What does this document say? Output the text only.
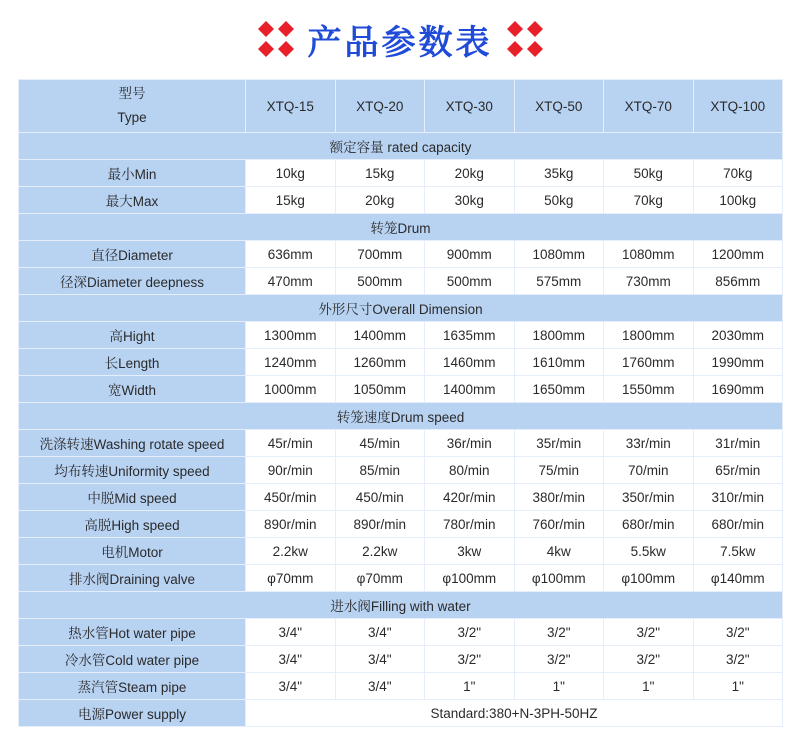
产品参数表
型号
Type	XTQ-15	XTQ-20	XTQ-30	XTQ-50	XTQ-70	XTQ-100
额定容量 rated capacity						
最小Min	10kg	15kg	20kg	35kg	50kg	70kg
最大Max	15kg	20kg	30kg	50kg	70kg	100kg
转笼Drum						
直径Diameter	636mm	700mm	900mm	1080mm	1080mm	1200mm
径深Diameter deepness	470mm	500mm	500mm	575mm	730mm	856mm
外形尺寸Overall Dimension						
高Hight	1300mm	1400mm	1635mm	1800mm	1800mm	2030mm
长Length	1240mm	1260mm	1460mm	1610mm	1760mm	1990mm
宽Width	1000mm	1050mm	1400mm	1650mm	1550mm	1690mm
转笼速度Drum speed						
洗涤转速Washing rotate speed	45r/min	45/min	36r/min	35r/min	33r/min	31r/min
均布转速Uniformity speed	90r/min	85/min	80/min	75/min	70/min	65r/min
中脱Mid speed	450r/min	450/min	420r/min	380r/min	350r/min	310r/min
高脱High speed	890r/min	890r/min	780r/min	760r/min	680r/min	680r/min
电机Motor	2.2kw	2.2kw	3kw	4kw	5.5kw	7.5kw
排水阀Draining valve	φ70mm	φ70mm	φ100mm	φ100mm	φ100mm	φ140mm
进水阀Filling with water						
热水管Hot water pipe	3/4"	3/4"	3/2"	3/2"	3/2"	3/2"
冷水管Cold water pipe	3/4"	3/4"	3/2"	3/2"	3/2"	3/2"
蒸汽管Steam pipe	3/4"	3/4"	1"	1"	1"	1"
电源Power supply	Standard:380+N-3PH-50HZ					
